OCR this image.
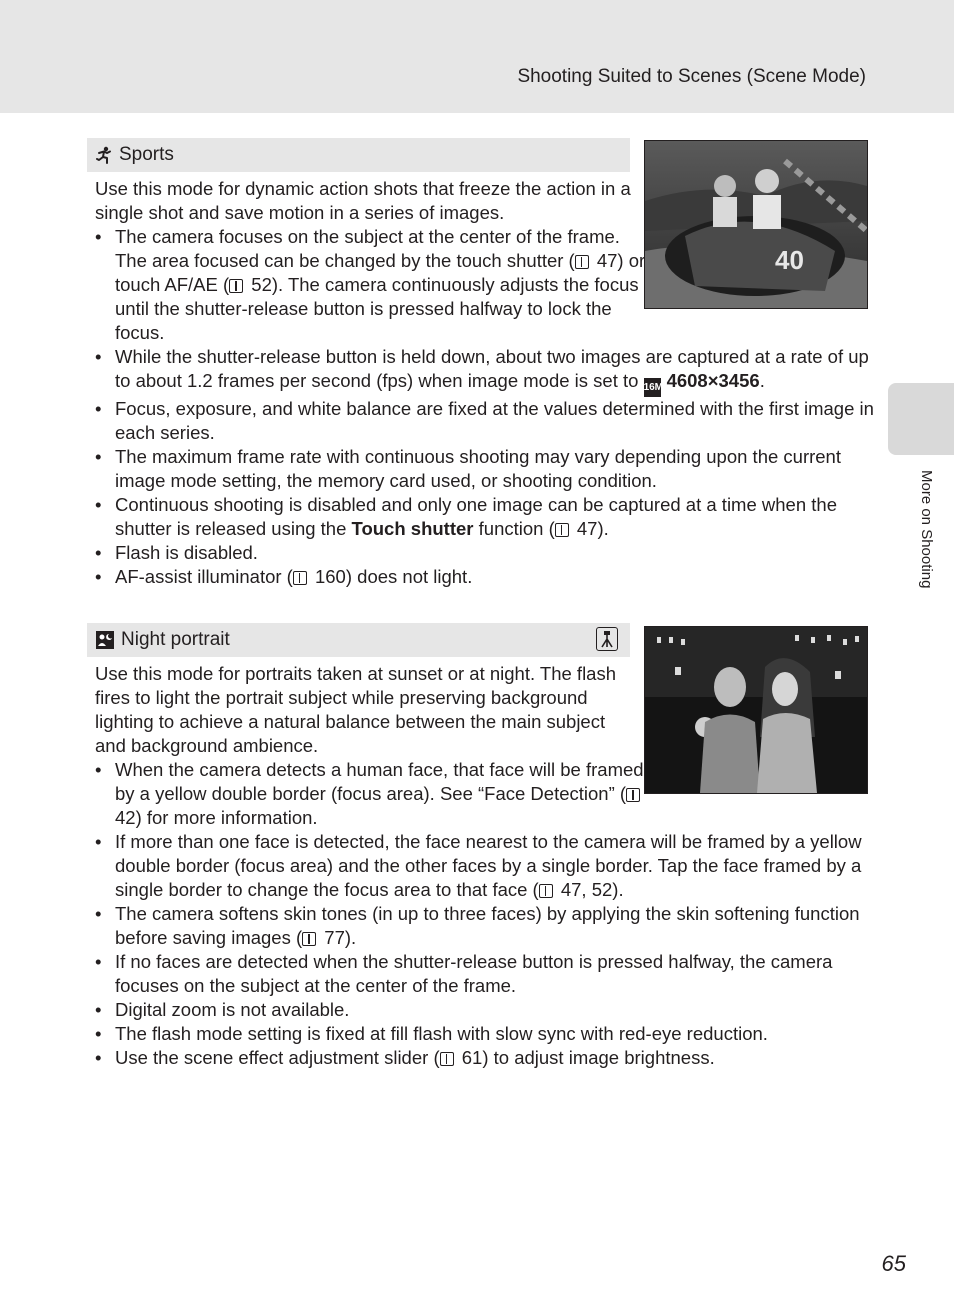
Shooting Suited to Scenes (Scene Mode)
More on Shooting
Sports
40

Use this mode for dynamic action shots that freeze the action in a single shot and save motion in a series of images.

• The camera focuses on the subject at the center of the frame. The area focused can be changed by the touch shutter ( 47) or touch AF/AE ( 52). The camera continuously adjusts the focus until the shutter-release button is pressed halfway to lock the focus.
• While the shutter-release button is held down, about two images are captured at a rate of up to about 1.2 frames per second (fps) when image mode is set to 16M 4608×3456.
• Focus, exposure, and white balance are fixed at the values determined with the first image in each series.
• The maximum frame rate with continuous shooting may vary depending upon the current image mode setting, the memory card used, or shooting condition.
• Continuous shooting is disabled and only one image can be captured at a time when the shutter is released using the Touch shutter function ( 47).
• Flash is disabled.
• AF-assist illuminator ( 160) does not light.
Night portrait

Use this mode for portraits taken at sunset or at night. The flash fires to light the portrait subject while preserving background lighting to achieve a natural balance between the main subject and background ambience.

• When the camera detects a human face, that face will be framed by a yellow double border (focus area). See “Face Detection” ( 42) for more information.
• If more than one face is detected, the face nearest to the camera will be framed by a yellow double border (focus area) and the other faces by a single border. Tap the face framed by a single border to change the focus area to that face ( 47, 52).
• The camera softens skin tones (in up to three faces) by applying the skin softening function before saving images ( 77).
• If no faces are detected when the shutter-release button is pressed halfway, the camera focuses on the subject at the center of the frame.
• Digital zoom is not available.
• The flash mode setting is fixed at fill flash with slow sync with red-eye reduction.
• Use the scene effect adjustment slider ( 61) to adjust image brightness.
65
